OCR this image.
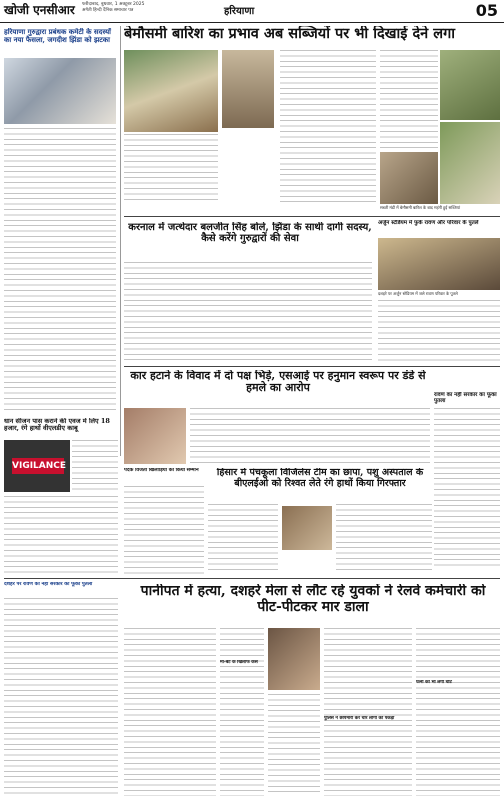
खोजी एनसीआर फरीदाबाद, बुधवार, 1 अक्टूबर 2025
अगेती हिन्दी दैनिक समाचार पत्र	हरियाणा	05
हरियाणा गुरुद्वारा प्रबंधक कमेटी के सदस्यों का नया फैसला, जगदीश झिंडा को झटका बेमौसमी बारिश का प्रभाव अब सब्जियों पर भी दिखाई देने लगा
सब्जी मंडी में बेमौसमी बारिश के बाद महंगी हुई सब्जियां
करनाल में जत्थेदार बलजीत सिंह बोले, झिंडा के साथी दागी सदस्य, कैसे करेंगे गुरुद्वारों की सेवा
अर्जुन स्टेडियम में फुके रावण और परिवार के पुतले
दशहरे पर अर्जुन स्टेडियम में जले रावण परिवार के पुतले
कार हटाने के विवाद में दो पक्ष भिड़े, एसआई पर हनुमान स्वरूप पर डंडे से हमले का आरोप
रावण का नहीं सरकार का फूंका पुतला
धान सीजन पास कराने की एवज में लिए 18 हजार, रंगे हाथों वीएलडीए काबू
VIGILANCE	पदक विजेता खिलाड़ियों का किया सम्मान	हिसार में पंचकूला विजिलेंस टीम का छापा, पशु अस्पताल के बीएलईओ को रिश्वत लेते रंगे हाथों किया गिरफ्तार
दशहरे पर रावण का नहीं सरकार का फूंका पुतला	पानीपत में हत्या, दशहरे मेला से लौट रहे युवकों ने रेलवे कर्मचारी को पीट-पीटकर मार डाला
मां-बेटे के खिलाफ केस
पुलिस ने छापेमारी कर चार लोगों को पकड़ा
पत्नी को भी लगी चोटें
